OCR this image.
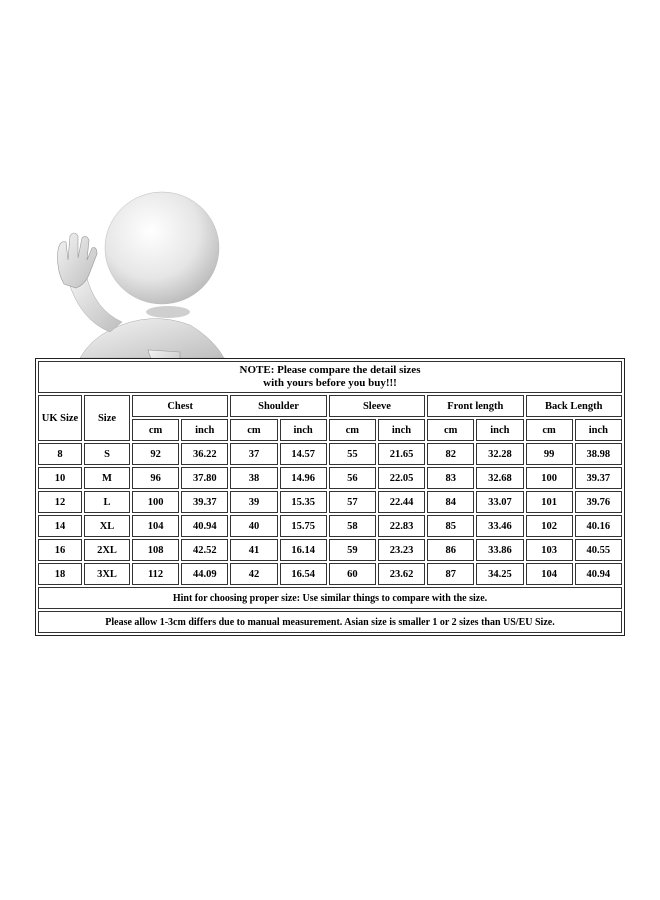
NOTE: Please compare the detail sizes
with yours before you buy!!!											

UK Size	Size	Chest		Shoulder		Sleeve		Front length		Back Length	
		cm	inch	cm	inch	cm	inch	cm	inch	cm	inch
8	S	92	36.22	37	14.57	55	21.65	82	32.28	99	38.98
10	M	96	37.80	38	14.96	56	22.05	83	32.68	100	39.37
12	L	100	39.37	39	15.35	57	22.44	84	33.07	101	39.76
14	XL	104	40.94	40	15.75	58	22.83	85	33.46	102	40.16
16	2XL	108	42.52	41	16.14	59	23.23	86	33.86	103	40.55
18	3XL	112	44.09	42	16.54	60	23.62	87	34.25	104	40.94
Hint for choosing proper size: Use similar things to compare with the size.											
Please allow 1-3cm differs due to manual measurement. Asian size is smaller 1 or 2 sizes than US/EU Size.											
